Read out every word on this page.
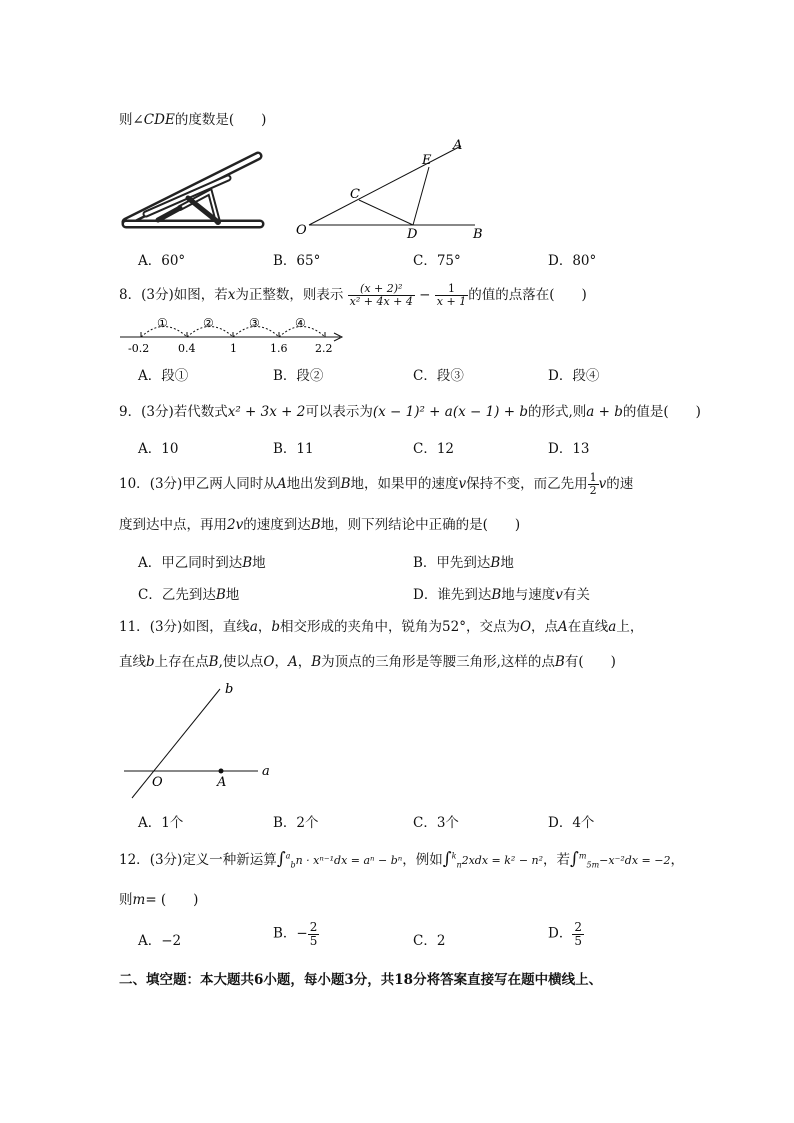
则∠CDE的度数是(　　)
A
E
C
O	D	B
A．60°	B．65°	C．75°	D．80°
8．(3分)如图，若x为正整数，则表示 $\frac{\text{(x + 2)²}}{\text{x² + 4x + 4}} - \frac{1}{x + 1}$ 的值的点落在(　　)
①	②	③	④
-0.2	0.4	1	1.6	2.2
A．段①	B．段②	C．段③	D．段④
9．(3分)若代数式x² + 3x + 2可以表示为(x − 1)² + a(x − 1) + b的形式,则a + b的值是(　　)
A．10	B．11	C．12	D．13
10．(3分)甲乙两人同时从A地出发到B地，如果甲的速度v保持不变，而乙先用 $\frac{1}{2}$ v的速
度到达中点，再用2v的速度到达B地，则下列结论中正确的是(　　)
A．甲乙同时到达B地	B．甲先到达B地
C．乙先到达B地	D．谁先到达B地与速度v有关
11．(3分)如图，直线a，b相交形成的夹角中，锐角为52°，交点为O，点A在直线a上，
直线b上存在点B,使以点O，A，B为顶点的三角形是等腰三角形,这样的点B有(　　)
b
a
O	A
A．1个	B．2个	C．3个	D．4个
12．(3分)定义一种新运算∫$^a_b$n · xⁿ⁻¹dx = aⁿ − bⁿ，例如∫$^k_n$2xdx = k² − n²，若∫$^m_{5m}$−x⁻²dx = −2，
则m= (　　)
A．−2	B．− $\frac{2}{5}$	C．2	D． $\frac{2}{5}$
二、填空题：本大题共6小题，每小题3分，共18分将答案直接写在题中横线上、
